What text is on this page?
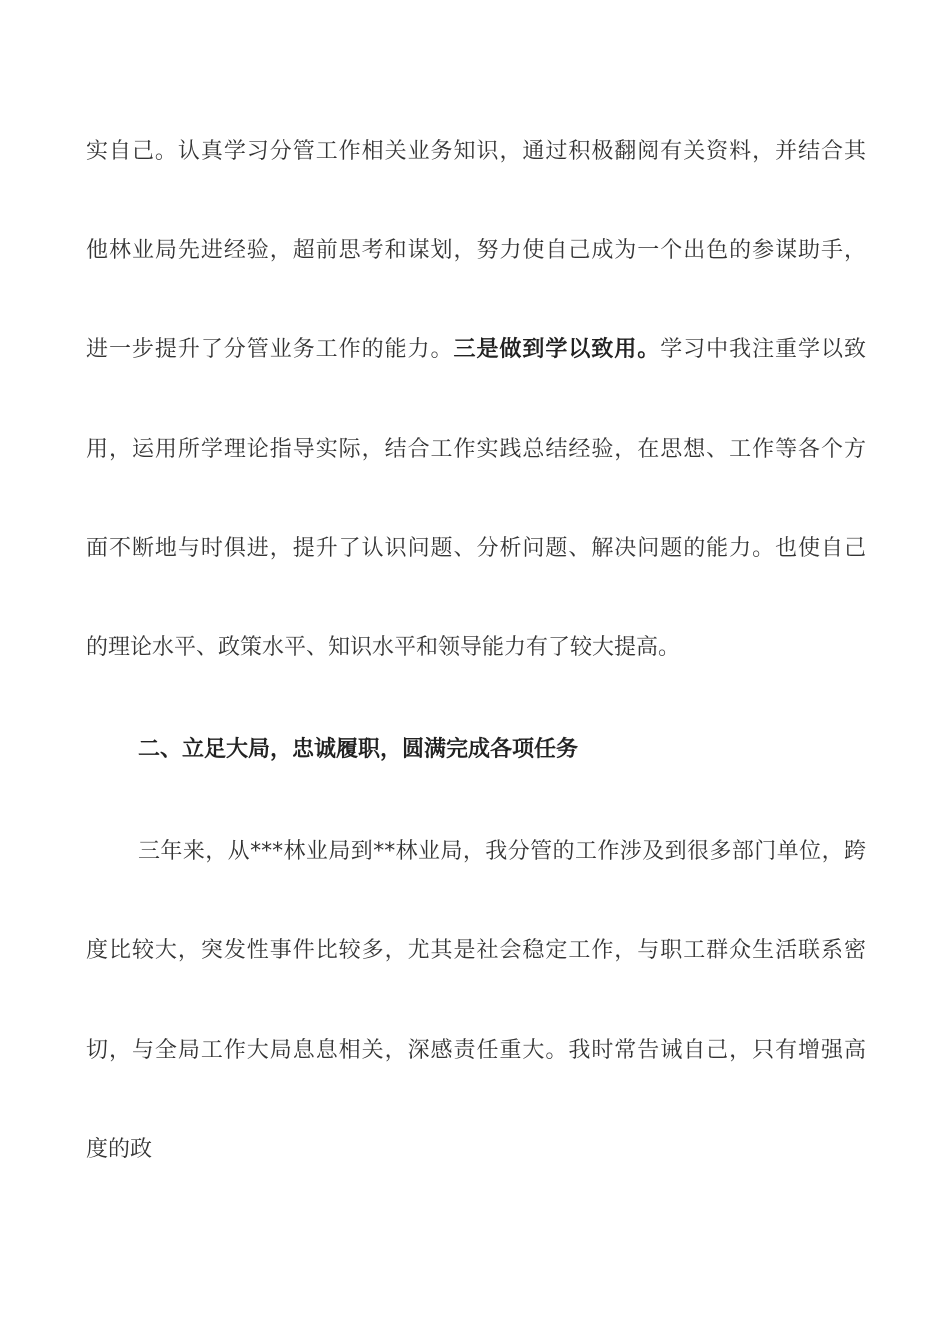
实自己。认真学习分管工作相关业务知识，通过积极翻阅有关资料，并结合其
他林业局先进经验，超前思考和谋划，努力使自己成为一个出色的参谋助手，
进一步提升了分管业务工作的能力。三是做到学以致用。学习中我注重学以致
用，运用所学理论指导实际，结合工作实践总结经验，在思想、工作等各个方
面不断地与时俱进，提升了认识问题、分析问题、解决问题的能力。也使自己
的理论水平、政策水平、知识水平和领导能力有了较大提高。
二、立足大局，忠诚履职，圆满完成各项任务
三年来，从***林业局到**林业局，我分管的工作涉及到很多部门单位，跨
度比较大，突发性事件比较多，尤其是社会稳定工作，与职工群众生活联系密
切，与全局工作大局息息相关，深感责任重大。我时常告诫自己，只有增强高
度的政
